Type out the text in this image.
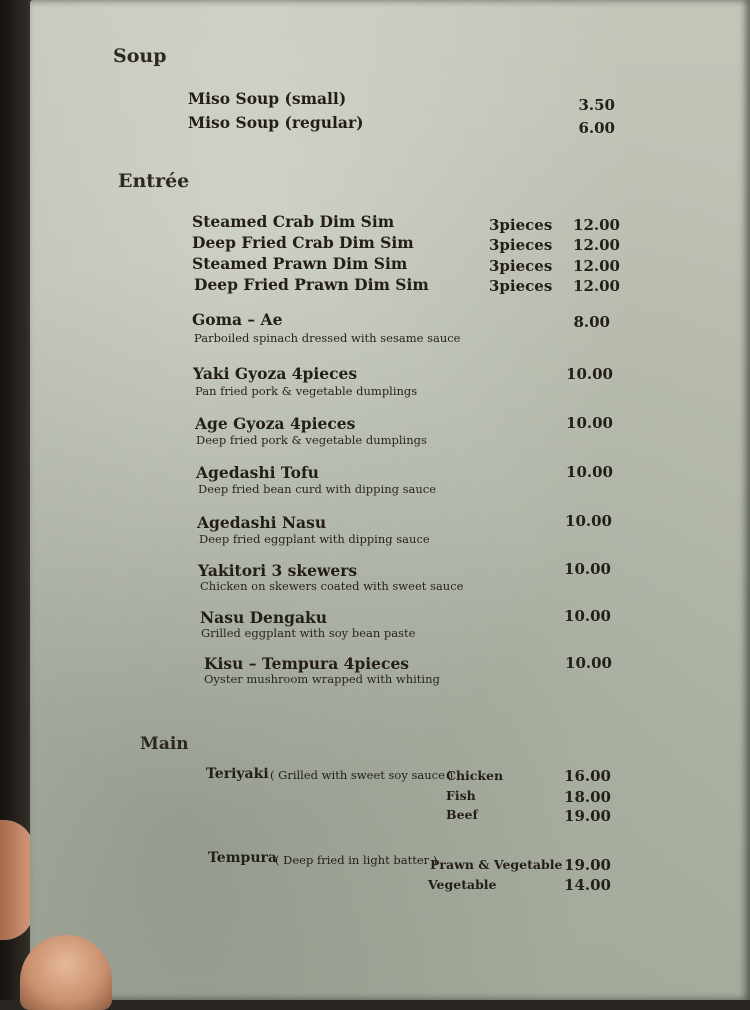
Soup
Miso Soup (small)	3.50
Miso Soup (regular)	6.00
Entrée
Steamed Crab Dim Sim	3pieces	12.00
Deep Fried Crab Dim Sim	3pieces	12.00
Steamed Prawn Dim Sim	3pieces	12.00
Deep Fried Prawn Dim Sim	3pieces	12.00
Goma – Ae
Parboiled spinach dressed with sesame sauce
8.00
Yaki Gyoza 4pieces
Pan fried pork & vegetable dumplings
10.00
Age Gyoza 4pieces
Deep fried pork & vegetable dumplings
10.00
Agedashi Tofu
Deep fried bean curd with dipping sauce
10.00
Agedashi Nasu
Deep fried eggplant with dipping sauce
10.00
Yakitori 3 skewers
Chicken on skewers coated with sweet sauce
10.00
Nasu Dengaku
Grilled eggplant with soy bean paste
10.00
Kisu – Tempura 4pieces
Oyster mushroom wrapped with whiting
10.00
Main
Teriyaki ( Grilled with sweet soy sauce )
Chicken	16.00
Fish	18.00
Beef	19.00
Tempura
( Deep fried in light batter )
Prawn & Vegetable 19.00
Vegetable	14.00
